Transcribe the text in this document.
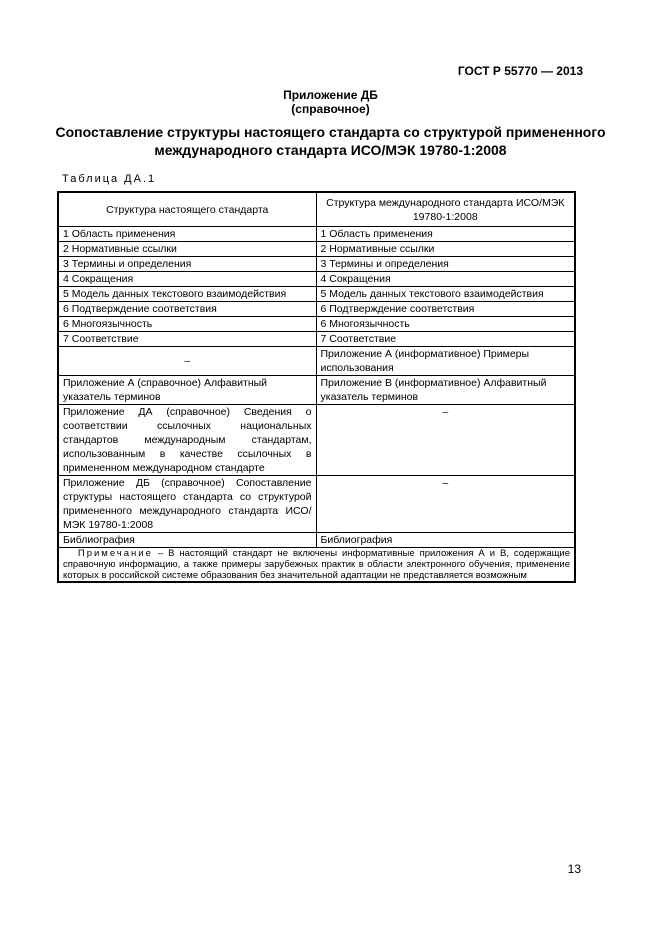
ГОСТ Р 55770 — 2013
Приложение ДБ
(справочное)
Сопоставление структуры настоящего стандарта со структурой примененного международного стандарта ИСО/МЭК 19780-1:2008
Таблица ДА.1
Структура настоящего стандарта	Структура международного стандарта ИСО/МЭК 19780-1:2008
1 Область применения	1 Область применения
2 Нормативные ссылки	2 Нормативные ссылки
3 Термины и определения	3 Термины и определения
4 Сокращения	4 Сокращения
5 Модель данных текстового взаимодействия	5 Модель данных текстового взаимодействия
6 Подтверждение соответствия	6 Подтверждение соответствия
6 Многоязычность	6 Многоязычность
7 Соответствие	7 Соответствие
–	Приложение А (информативное) Примеры использования
Приложение А (справочное) Алфавитный указатель терминов	Приложение В (информативное) Алфавитный указатель терминов
Приложение ДА (справочное) Сведения о соответствии ссылочных национальных стандартов международным стандартам, использованным в качестве ссылочных в примененном международном стандарте	–
Приложение ДБ (справочное) Сопоставление структуры настоящего стандарта со структурой примененного международного стандарта ИСО/МЭК 19780-1:2008	–
Библиография	Библиография
Примечание – В настоящий стандарт не включены информативные приложения А и В, содержащие справочную информацию, а также примеры зарубежных практик в области электронного обучения, применение которых в российской системе образования без значительной адаптации не представляется возможным	
13
